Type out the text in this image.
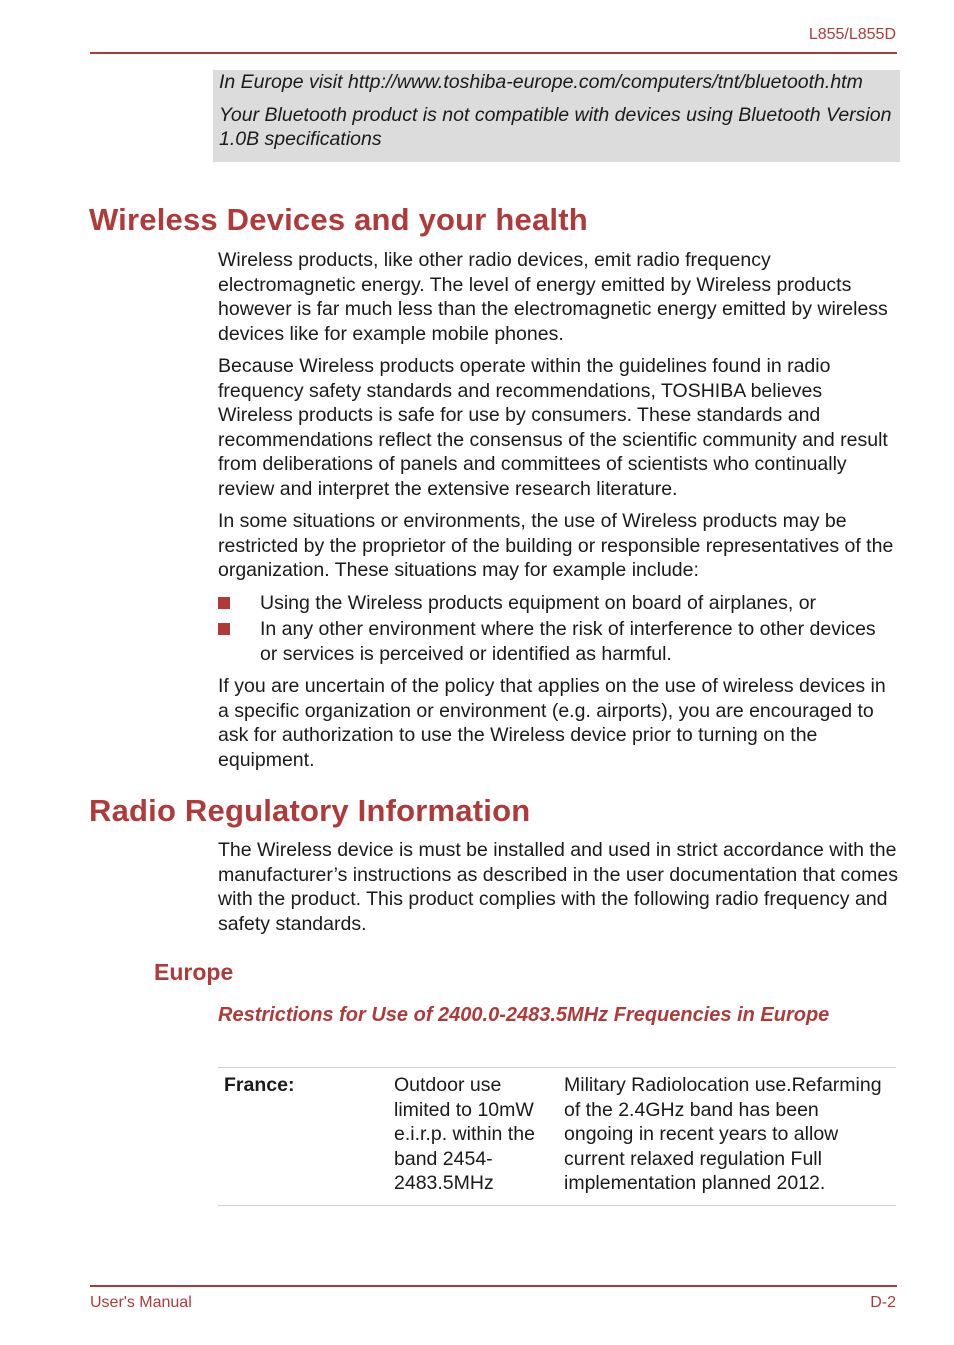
L855/L855D

In Europe visit http://www.toshiba-europe.com/computers/tnt/bluetooth.htm

Your Bluetooth product is not compatible with devices using Bluetooth Version 1.0B specifications

Wireless Devices and your health

Wireless products, like other radio devices, emit radio frequency electromagnetic energy. The level of energy emitted by Wireless products however is far much less than the electromagnetic energy emitted by wireless devices like for example mobile phones.

Because Wireless products operate within the guidelines found in radio frequency safety standards and recommendations, TOSHIBA believes Wireless products is safe for use by consumers. These standards and recommendations reflect the consensus of the scientific community and result from deliberations of panels and committees of scientists who continually review and interpret the extensive research literature.

In some situations or environments, the use of Wireless products may be restricted by the proprietor of the building or responsible representatives of the organization. These situations may for example include:

Using the Wireless products equipment on board of airplanes, or
In any other environment where the risk of interference to other devices or services is perceived or identified as harmful.

If you are uncertain of the policy that applies on the use of wireless devices in a specific organization or environment (e.g. airports), you are encouraged to ask for authorization to use the Wireless device prior to turning on the equipment.

Radio Regulatory Information

The Wireless device is must be installed and used in strict accordance with the manufacturer’s instructions as described in the user documentation that comes with the product. This product complies with the following radio frequency and safety standards.

Europe
Restrictions for Use of 2400.0-2483.5MHz Frequencies in Europe
France:	Outdoor use limited to 10mW e.i.r.p. within the band 2454-2483.5MHz	Military Radiolocation use.Refarming of the 2.4GHz band has been ongoing in recent years to allow current relaxed regulation Full implementation planned 2012.
User's Manual	D-2
